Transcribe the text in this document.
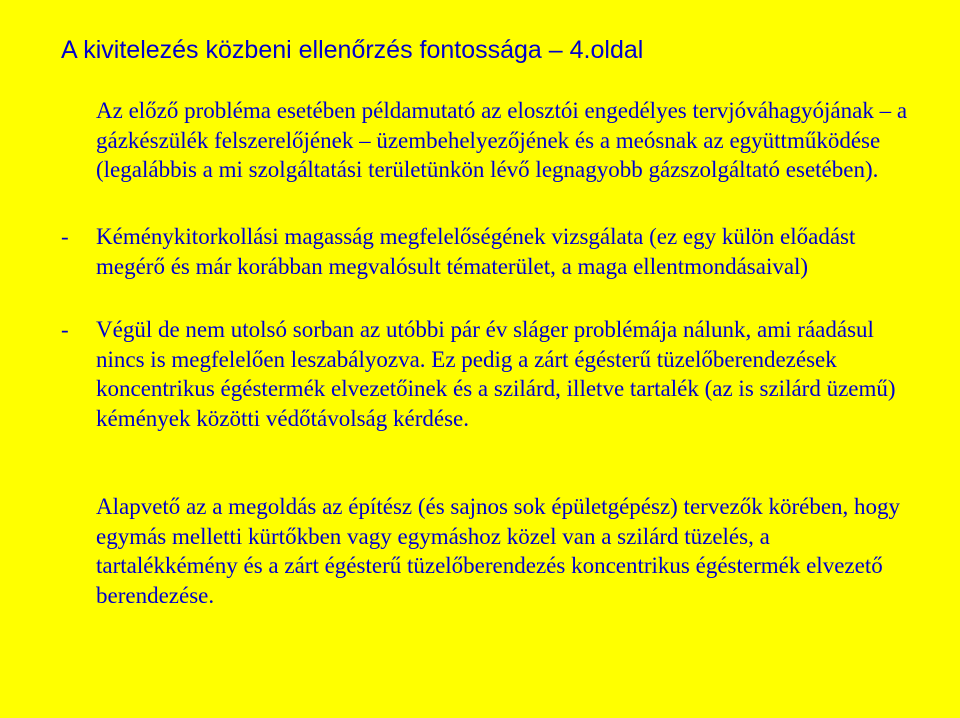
A kivitelezés közbeni ellenőrzés fontossága – 4.oldal

Az előző probléma esetében példamutató az elosztói engedélyes tervjóváhagyójának – a gázkészülék felszerelőjének – üzembehelyezőjének és a meósnak az együttműködése (legalábbis a mi szolgáltatási területünkön lévő legnagyobb gázszolgáltató esetében).

- Kéménykitorkollási magasság megfelelőségének vizsgálata (ez egy külön előadást megérő és már korábban megvalósult tématerület, a maga ellentmondásaival)

- Végül de nem utolsó sorban az utóbbi pár év sláger problémája nálunk, ami ráadásul nincs is megfelelően leszabályozva. Ez pedig a zárt égésterű tüzelőberendezések koncentrikus égéstermék elvezetőinek és a szilárd, illetve tartalék (az is szilárd üzemű) kémények közötti védőtávolság kérdése.

Alapvető az a megoldás az építész (és sajnos sok épületgépész) tervezők körében, hogy egymás melletti kürtőkben vagy egymáshoz közel van a szilárd tüzelés, a tartalékkémény és a zárt égésterű tüzelőberendezés koncentrikus égéstermék elvezető berendezése.
